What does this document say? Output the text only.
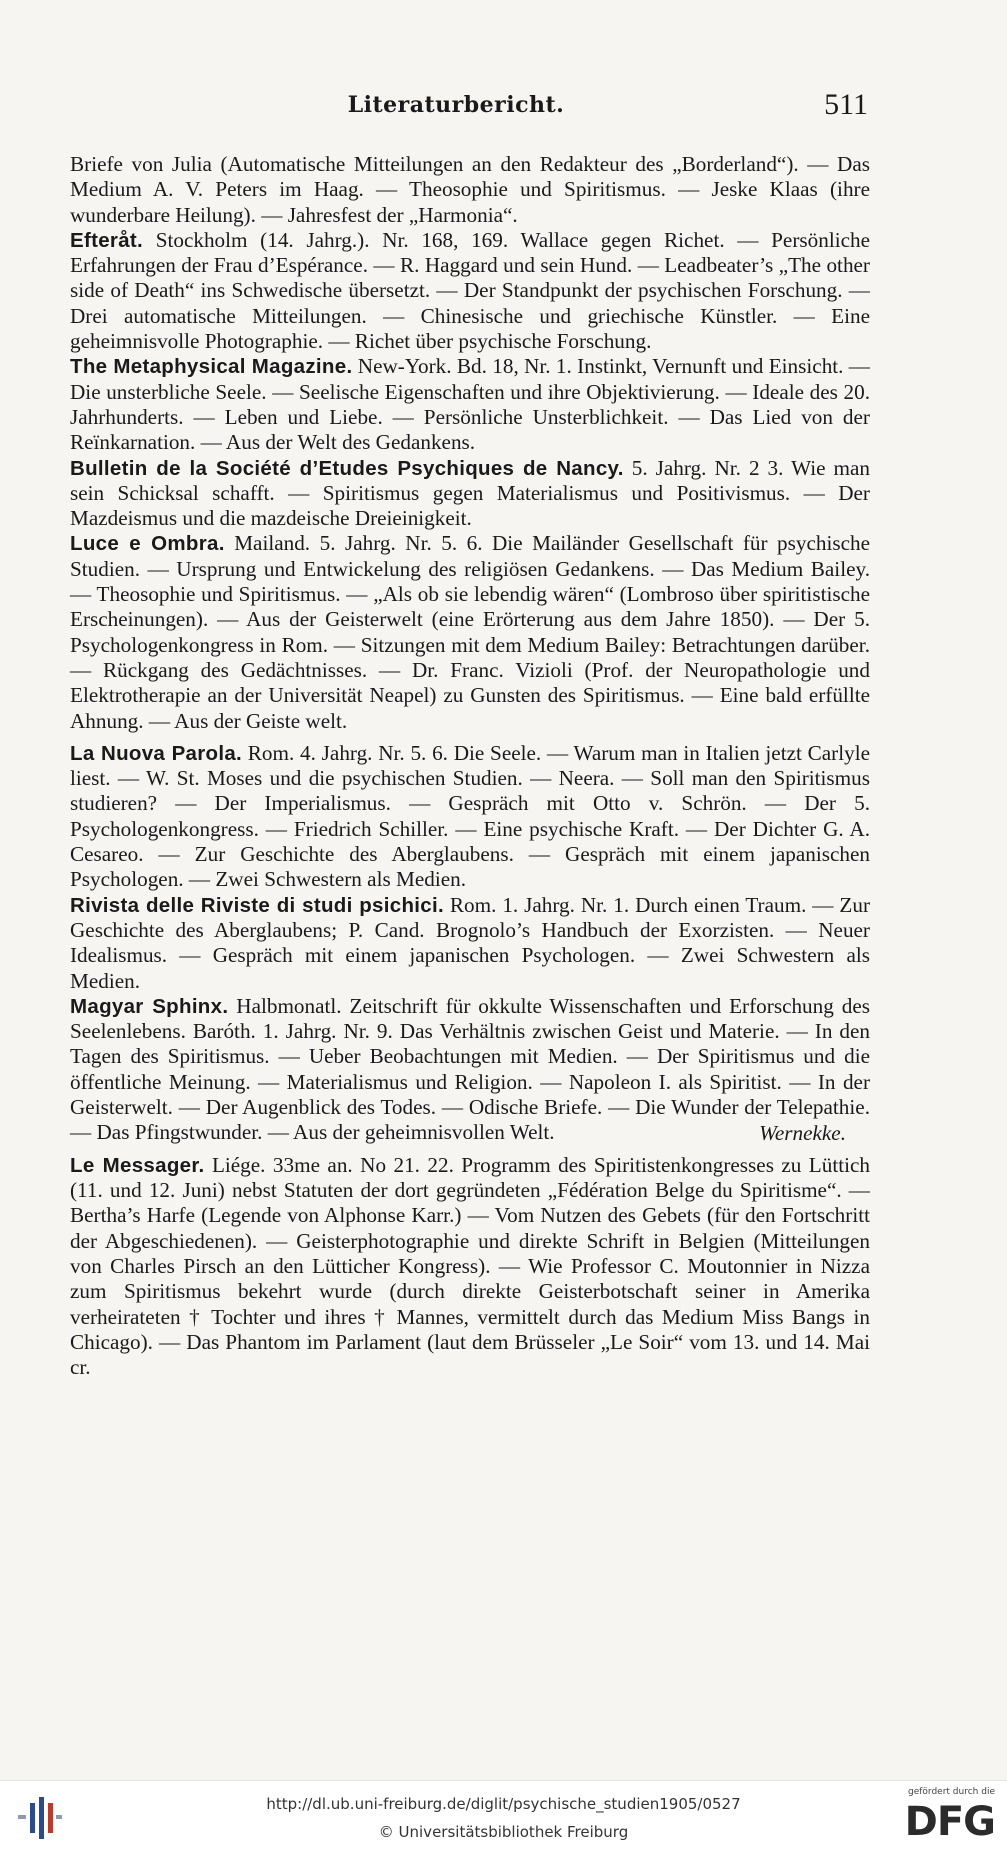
Literaturbericht.	511

Briefe von Julia (Automatische Mitteilungen an den Redakteur des „Borderland“). — Das Medium A. V. Peters im Haag. — Theosophie und Spiritismus. — Jeske Klaas (ihre wunderbare Heilung). — Jahresfest der „Harmonia“.

Efteråt. Stockholm (14. Jahrg.). Nr. 168, 169. Wallace gegen Richet. — Persönliche Erfahrungen der Frau d’Espérance. — R. Haggard und sein Hund. — Leadbeater’s „The other side of Death“ ins Schwedische übersetzt. — Der Standpunkt der psychischen Forschung. — Drei automatische Mitteilungen. — Chinesische und griechische Künstler. — Eine geheimnisvolle Photographie. — Richet über psychische Forschung.

The Metaphysical Magazine. New-York. Bd. 18, Nr. 1. Instinkt, Vernunft und Einsicht. — Die unsterbliche Seele. — Seelische Eigenschaften und ihre Objektivierung. — Ideale des 20. Jahrhunderts. — Leben und Liebe. — Persönliche Unsterblichkeit. — Das Lied von der Reïnkarnation. — Aus der Welt des Gedankens.

Bulletin de la Société d’Etudes Psychiques de Nancy. 5. Jahrg. Nr. 2 3. Wie man sein Schicksal schafft. — Spiritismus gegen Materialismus und Positivismus. — Der Mazdeismus und die mazdeische Dreieinigkeit.

Luce e Ombra. Mailand. 5. Jahrg. Nr. 5. 6. Die Mailänder Gesellschaft für psychische Studien. — Ursprung und Entwickelung des religiösen Gedankens. — Das Medium Bailey. — Theosophie und Spiritismus. — „Als ob sie lebendig wären“ (Lombroso über spiritistische Erscheinungen). — Aus der Geisterwelt (eine Erörterung aus dem Jahre 1850). — Der 5. Psychologenkongress in Rom. — Sitzungen mit dem Medium Bailey: Betrachtungen darüber. — Rückgang des Gedächtnisses. — Dr. Franc. Vizioli (Prof. der Neuropathologie und Elektrotherapie an der Universität Neapel) zu Gunsten des Spiritismus. — Eine bald erfüllte Ahnung. — Aus der Geiste welt.

La Nuova Parola. Rom. 4. Jahrg. Nr. 5. 6. Die Seele. — Warum man in Italien jetzt Carlyle liest. — W. St. Moses und die psychischen Studien. — Neera. — Soll man den Spiritismus studieren? — Der Imperialismus. — Gespräch mit Otto v. Schrön. — Der 5. Psychologenkongress. — Friedrich Schiller. — Eine psychische Kraft. — Der Dichter G. A. Cesareo. — Zur Geschichte des Aberglaubens. — Gespräch mit einem japanischen Psychologen. — Zwei Schwestern als Medien.

Rivista delle Riviste di studi psichici. Rom. 1. Jahrg. Nr. 1. Durch einen Traum. — Zur Geschichte des Aberglaubens; P. Cand. Brognolo’s Handbuch der Exorzisten. — Neuer Idealismus. — Gespräch mit einem japanischen Psychologen. — Zwei Schwestern als Medien.

Magyar Sphinx. Halbmonatl. Zeitschrift für okkulte Wissenschaften und Erforschung des Seelenlebens. Baróth. 1. Jahrg. Nr. 9. Das Verhältnis zwischen Geist und Materie. — In den Tagen des Spiritismus. — Ueber Beobachtungen mit Medien. — Der Spiritismus und die öffentliche Meinung. — Materialismus und Religion. — Napoleon I. als Spiritist. — In der Geisterwelt. — Der Augenblick des Todes. — Odische Briefe. — Die Wunder der Telepathie. — Das Pfingstwunder. — Aus der geheimnisvollen Welt.	Wernekke.

Le Messager. Liége. 33me an. No 21. 22. Programm des Spiritistenkongresses zu Lüttich (11. und 12. Juni) nebst Statuten der dort gegründeten „Fédération Belge du Spiritisme“. — Bertha’s Harfe (Legende von Alphonse Karr.) — Vom Nutzen des Gebets (für den Fortschritt der Abgeschiedenen). — Geisterphotographie und direkte Schrift in Belgien (Mitteilungen von Charles Pirsch an den Lütticher Kongress). — Wie Professor C. Moutonnier in Nizza zum Spiritismus bekehrt wurde (durch direkte Geisterbotschaft seiner in Amerika verheirateten † Tochter und ihres † Mannes, vermittelt durch das Medium Miss Bangs in Chicago). — Das Phantom im Parlament (laut dem Brüsseler „Le Soir“ vom 13. und 14. Mai cr.

http://dl.ub.uni-freiburg.de/diglit/psychische_studien1905/0527
© Universitätsbibliothek Freiburg
gefördert durch die
DFG
